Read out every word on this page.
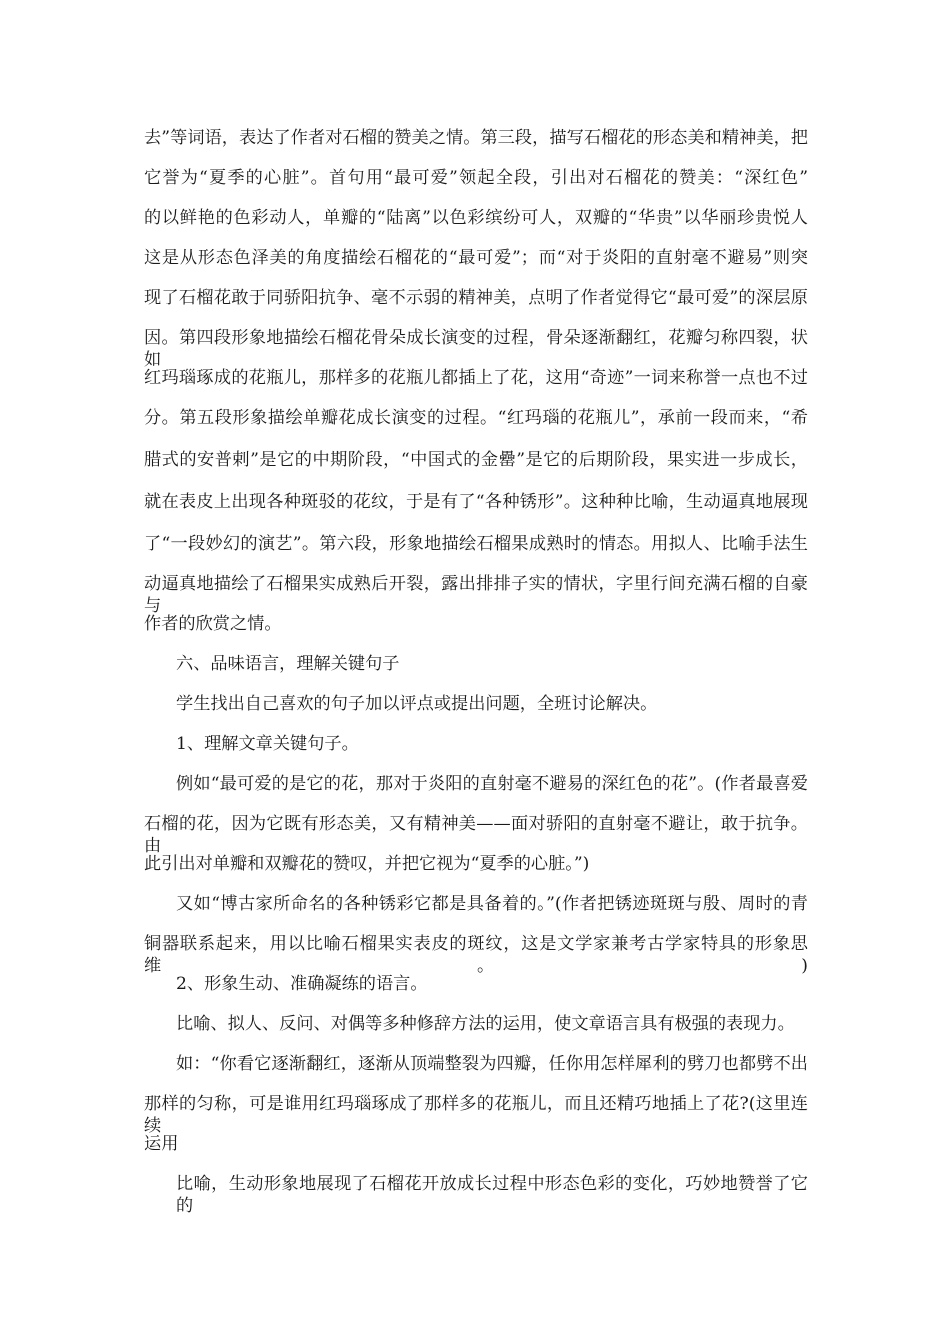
去”等词语，表达了作者对石榴的赞美之情。第三段，描写石榴花的形态美和精神美，把
它誉为“夏季的心脏”。首句用“最可爱”领起全段，引出对石榴花的赞美：“深红色”
的以鲜艳的色彩动人，单瓣的“陆离”以色彩缤纷可人，双瓣的“华贵”以华丽珍贵悦人
这是从形态色泽美的角度描绘石榴花的“最可爱”；而“对于炎阳的直射毫不避易”则突
现了石榴花敢于同骄阳抗争、毫不示弱的精神美，点明了作者觉得它“最可爱”的深层原
因。第四段形象地描绘石榴花骨朵成长演变的过程，骨朵逐渐翻红，花瓣匀称四裂，状如
红玛瑙琢成的花瓶儿，那样多的花瓶儿都插上了花，这用“奇迹”一词来称誉一点也不过
分。第五段形象描绘单瓣花成长演变的过程。“红玛瑙的花瓶儿”，承前一段而来，“希
腊式的安普剌”是它的中期阶段，“中国式的金罍”是它的后期阶段，果实进一步成长，
就在表皮上出现各种斑驳的花纹，于是有了“各种锈形”。这种种比喻，生动逼真地展现
了“一段妙幻的演艺”。第六段，形象地描绘石榴果成熟时的情态。用拟人、比喻手法生
动逼真地描绘了石榴果实成熟后开裂，露出排排子实的情状，字里行间充满石榴的自豪与
作者的欣赏之情。
六、品味语言，理解关键句子
学生找出自己喜欢的句子加以评点或提出问题，全班讨论解决。
1、理解文章关键句子。
例如“最可爱的是它的花，那对于炎阳的直射毫不避易的深红色的花”。(作者最喜爱
石榴的花，因为它既有形态美，又有精神美——面对骄阳的直射毫不避让，敢于抗争。由
此引出对单瓣和双瓣花的赞叹，并把它视为“夏季的心脏。”)
又如“博古家所命名的各种锈彩它都是具备着的。”(作者把锈迹斑斑与殷、周时的青
铜器联系起来，用以比喻石榴果实表皮的斑纹，这是文学家兼考古学家特具的形象思维。)
2、形象生动、准确凝练的语言。
比喻、拟人、反问、对偶等多种修辞方法的运用，使文章语言具有极强的表现力。
如：“你看它逐渐翻红，逐渐从顶端整裂为四瓣，任你用怎样犀利的劈刀也都劈不出
那样的匀称，可是谁用红玛瑙琢成了那样多的花瓶儿，而且还精巧地插上了花?(这里连续
运用
比喻，生动形象地展现了石榴花开放成长过程中形态色彩的变化，巧妙地赞誉了它的
